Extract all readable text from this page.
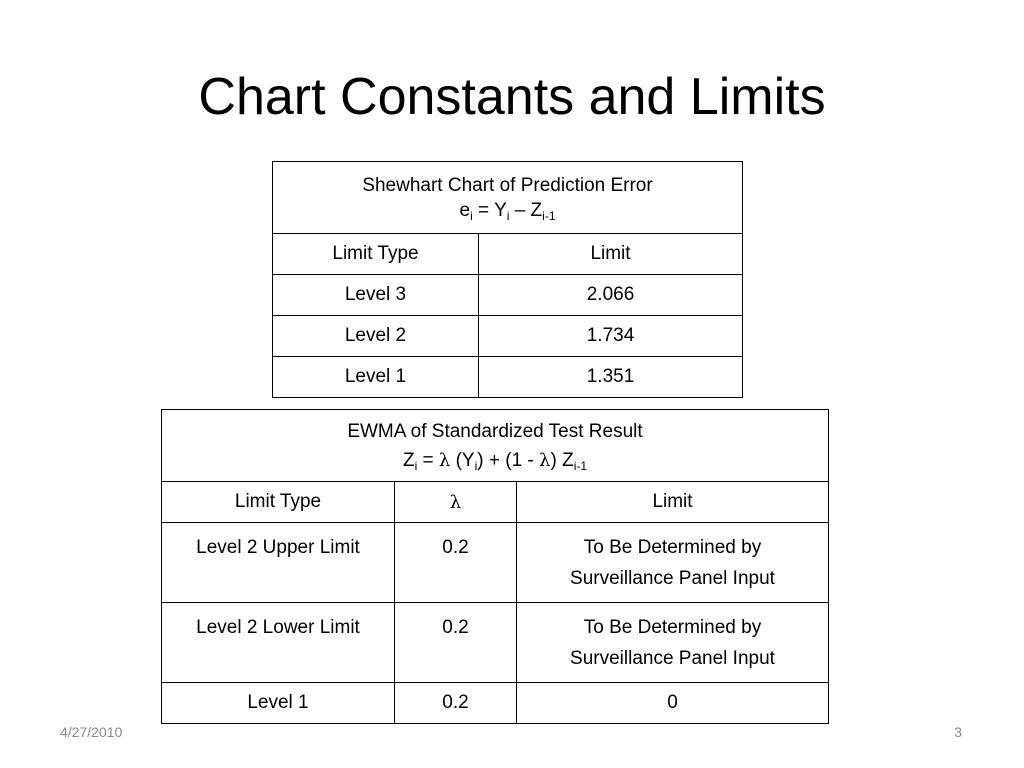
Chart Constants and Limits
Shewhart Chart of Prediction Error
$e_i = Y_i - Z_{i-1}$
Limit Type	Limit
Level 3	2.066
Level 2	1.734
Level 1	1.351
EWMA of Standardized Test Result
$Z_i = \lambda$ $(Y_i) + (1 - \lambda)$ $Z_{i-1}$
Limit Type	λ	Limit
Level 2 Upper Limit	0.2	To Be Determined by
Surveillance Panel Input
Level 2 Lower Limit	0.2	To Be Determined by
Surveillance Panel Input
Level 1	0.2	0
4/27/2010	3
